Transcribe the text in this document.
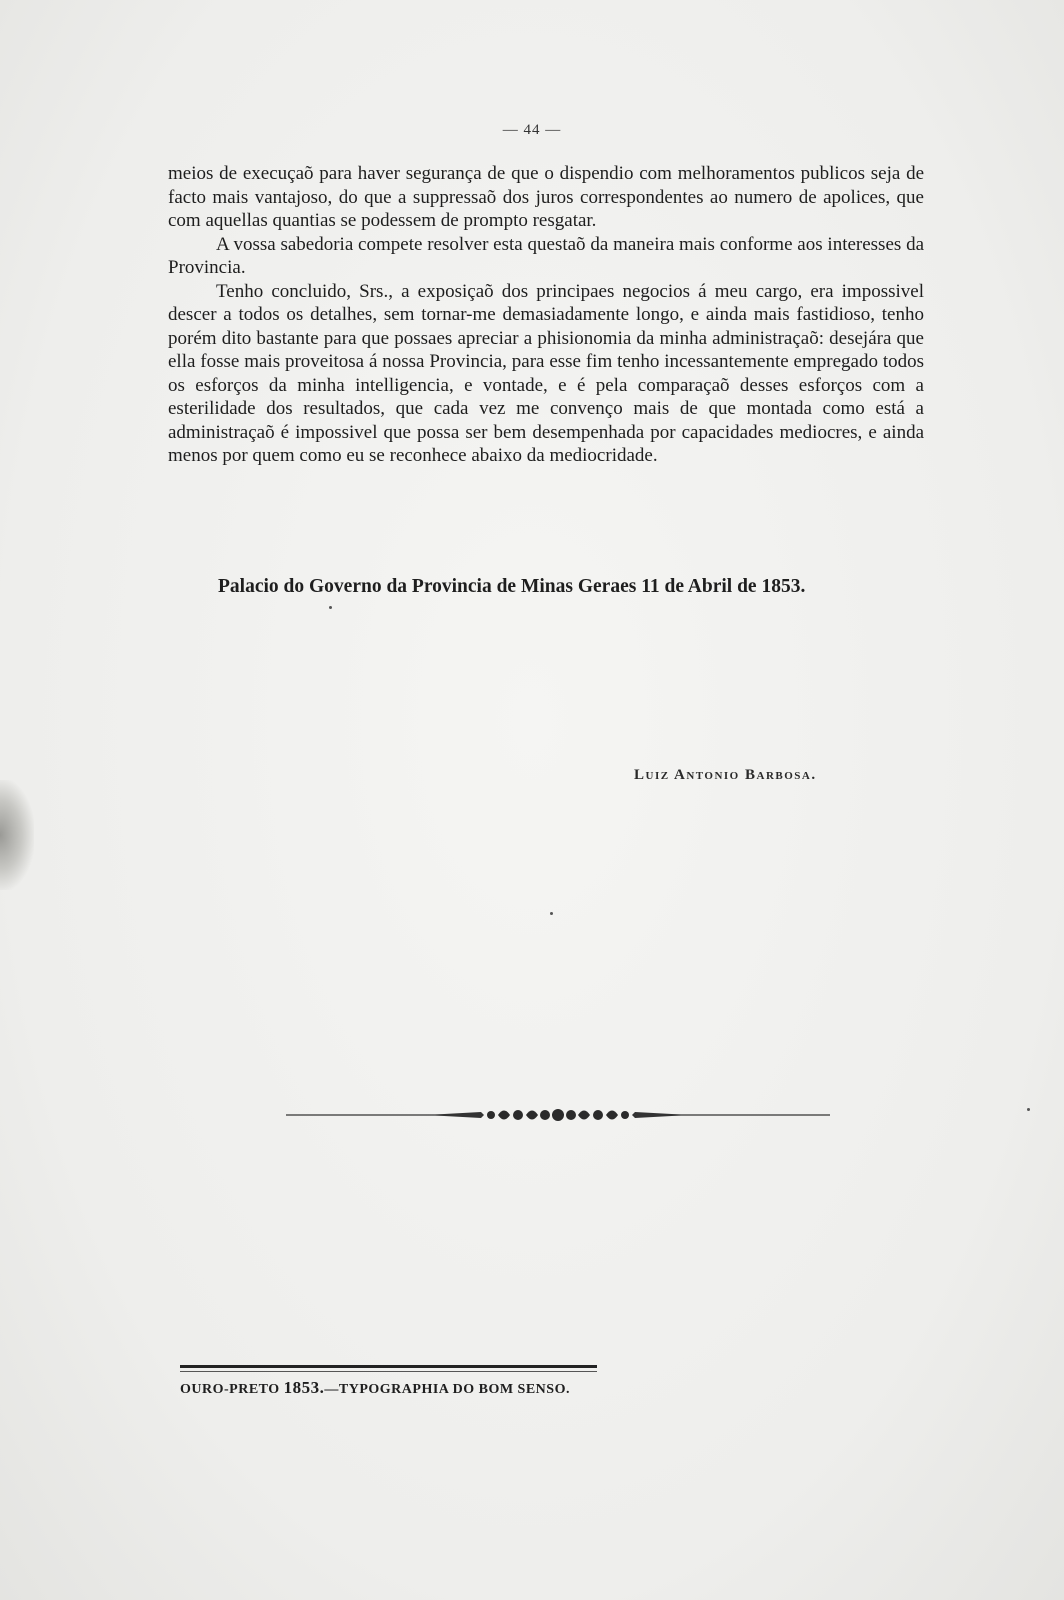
— 44 —

meios de execuçaõ para haver segurança de que o dispendio com melhoramentos publicos seja de facto mais vantajoso, do que a suppressaõ dos juros correspondentes ao numero de apolices, que com aquellas quantias se podessem de prompto resgatar.

A vossa sabedoria compete resolver esta questaõ da maneira mais conforme aos interesses da Provincia.

Tenho concluido, Srs., a exposiçaõ dos principaes negocios á meu cargo, era impossivel descer a todos os detalhes, sem tornar-me demasiadamente longo, e ainda mais fastidioso, tenho porém dito bastante para que possaes apreciar a phisionomia da minha administraçaõ: desejára que ella fosse mais proveitosa á nossa Provincia, para esse fim tenho incessantemente empregado todos os esforços da minha intelligencia, e vontade, e é pela comparaçaõ desses esforços com a esterilidade dos resultados, que cada vez me convenço mais de que montada como está a administraçaõ é impossivel que possa ser bem desempenhada por capacidades mediocres, e ainda menos por quem como eu se reconhece abaixo da mediocridade.

Palacio do Governo da Provincia de Minas Geraes 11 de Abril de 1853.
Luiz Antonio Barbosa.
OURO-PRETO 1853.—TYPOGRAPHIA DO BOM SENSO.
